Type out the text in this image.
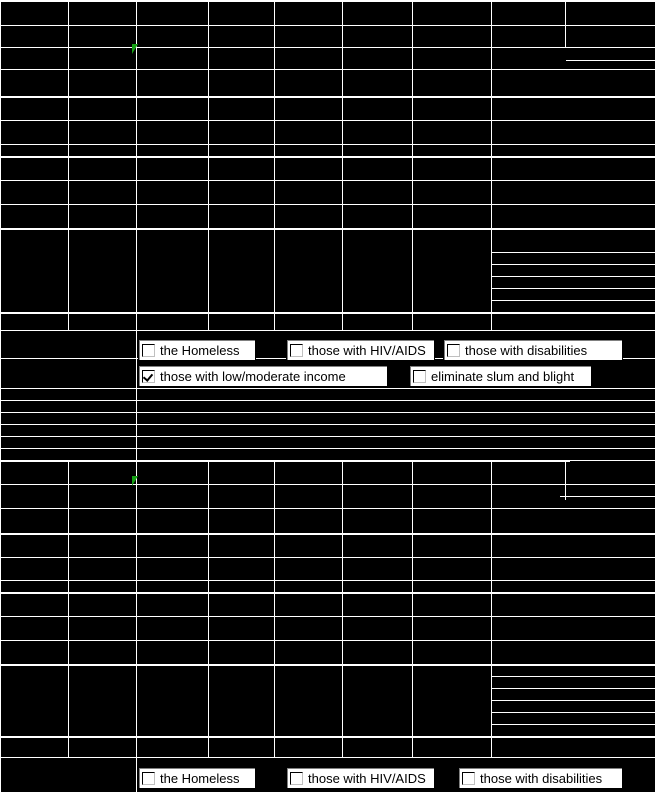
the Homeless	those with HIV/AIDS	those with disabilities
those with low/moderate income	eliminate slum and blight
the Homeless	those with HIV/AIDS	those with disabilities
